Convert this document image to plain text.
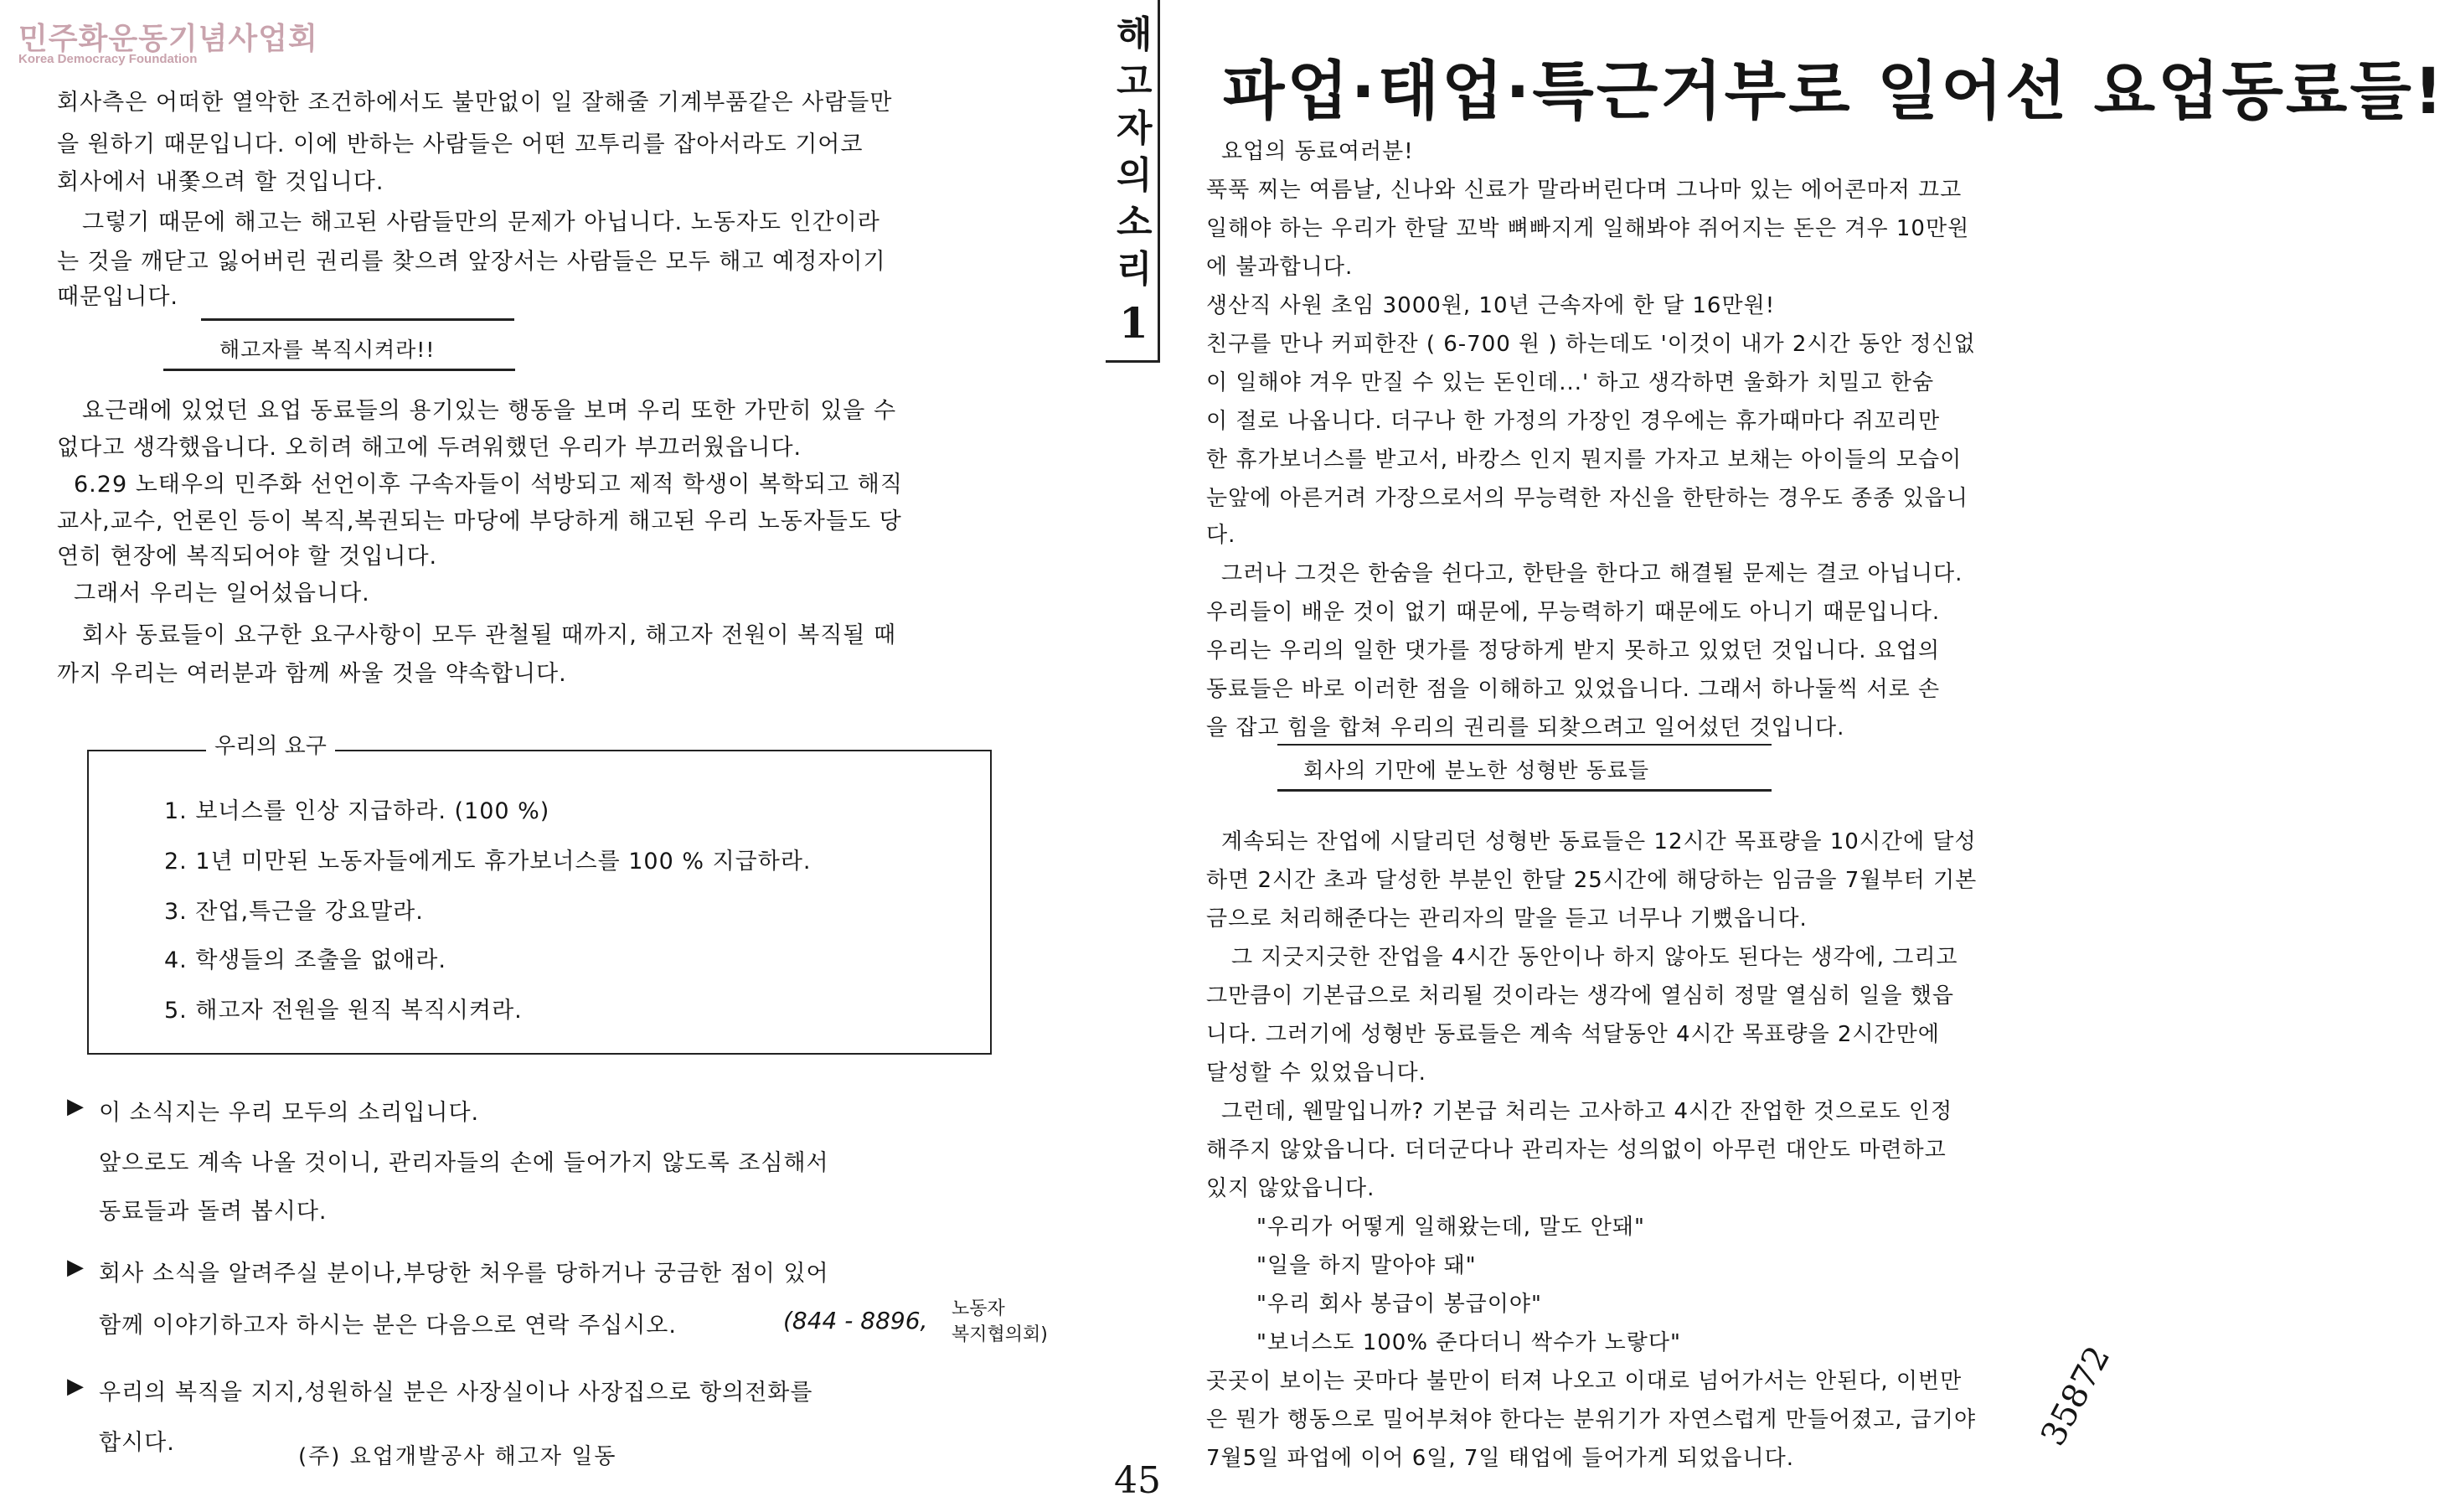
민주화운동기념사업회
Korea Democracy Foundation
회사측은 어떠한 열악한 조건하에서도 불만없이 일 잘해줄 기계부품같은 사람들만
을 원하기 때문입니다. 이에 반하는 사람들은 어떤 꼬투리를 잡아서라도 기어코
회사에서 내쫓으려 할 것입니다.
그렇기 때문에 해고는 해고된 사람들만의 문제가 아닙니다. 노동자도 인간이라
는 것을 깨닫고 잃어버린 권리를 찾으려 앞장서는 사람들은 모두 해고 예정자이기
때문입니다.
해고자를 복직시켜라!!
요근래에 있었던 요업 동료들의 용기있는 행동을 보며 우리 또한 가만히 있을 수
없다고 생각했읍니다. 오히려 해고에 두려워했던 우리가 부끄러웠읍니다.
6.29 노태우의 민주화 선언이후 구속자들이 석방되고 제적 학생이 복학되고 해직
교사,교수, 언론인 등이 복직,복권되는 마당에 부당하게 해고된 우리 노동자들도 당
연히 현장에 복직되어야 할 것입니다.
그래서 우리는 일어섰읍니다.
회사 동료들이 요구한 요구사항이 모두 관철될 때까지, 해고자 전원이 복직될 때
까지 우리는 여러분과 함께 싸울 것을 약속합니다.
우리의 요구
1. 보너스를 인상 지급하라. (100 %)
2. 1년 미만된 노동자들에게도 휴가보너스를 100 % 지급하라.
3. 잔업,특근을 강요말라.
4. 학생들의 조출을 없애라.
5. 해고자 전원을 원직 복직시켜라.
▶ 이 소식지는 우리 모두의 소리입니다.
앞으로도 계속 나올 것이니, 관리자들의 손에 들어가지 않도록 조심해서
동료들과 돌려 봅시다.
▶ 회사 소식을 알려주실 분이나,부당한 처우를 당하거나 궁금한 점이 있어
함께 이야기하고자 하시는 분은 다음으로 연락 주십시오.	(844 - 8896, 노동자
복지협의회)
▶ 우리의 복직을 지지,성원하실 분은 사장실이나 사장집으로 항의전화를
합시다.
(주) 요업개발공사 해고자 일동
해
고
자
의
소
리
1
파업·태업·특근거부로 일어선 요업동료들!
요업의 동료여러분!
푹푹 찌는 여름날, 신나와 신료가 말라버린다며 그나마 있는 에어콘마저 끄고
일해야 하는 우리가 한달 꼬박 뼈빠지게 일해봐야 쥐어지는 돈은 겨우 10만원
에 불과합니다.
생산직 사원 초임 3000원, 10년 근속자에 한 달 16만원!
친구를 만나 커피한잔 ( 6-700 원 ) 하는데도 '이것이 내가 2시간 동안 정신없
이 일해야 겨우 만질 수 있는 돈인데...' 하고 생각하면 울화가 치밀고 한숨
이 절로 나옵니다. 더구나 한 가정의 가장인 경우에는 휴가때마다 쥐꼬리만
한 휴가보너스를 받고서, 바캉스 인지 뭔지를 가자고 보채는 아이들의 모습이
눈앞에 아른거려 가장으로서의 무능력한 자신을 한탄하는 경우도 종종 있읍니
다.
그러나 그것은 한숨을 쉰다고, 한탄을 한다고 해결될 문제는 결코 아닙니다.
우리들이 배운 것이 없기 때문에, 무능력하기 때문에도 아니기 때문입니다.
우리는 우리의 일한 댓가를 정당하게 받지 못하고 있었던 것입니다. 요업의
동료들은 바로 이러한 점을 이해하고 있었읍니다. 그래서 하나둘씩 서로 손
을 잡고 힘을 합쳐 우리의 권리를 되찾으려고 일어섰던 것입니다.
회사의 기만에 분노한 성형반 동료들
계속되는 잔업에 시달리던 성형반 동료들은 12시간 목표량을 10시간에 달성
하면 2시간 초과 달성한 부분인 한달 25시간에 해당하는 임금을 7월부터 기본
금으로 처리해준다는 관리자의 말을 듣고 너무나 기뻤읍니다.
그 지긋지긋한 잔업을 4시간 동안이나 하지 않아도 된다는 생각에, 그리고
그만큼이 기본급으로 처리될 것이라는 생각에 열심히 정말 열심히 일을 했읍
니다. 그러기에 성형반 동료들은 계속 석달동안 4시간 목표량을 2시간만에
달성할 수 있었읍니다.
그런데, 웬말입니까? 기본급 처리는 고사하고 4시간 잔업한 것으로도 인정
해주지 않았읍니다. 더더군다나 관리자는 성의없이 아무런 대안도 마련하고
있지 않았읍니다.
"우리가 어떻게 일해왔는데, 말도 안돼"
"일을 하지 말아야 돼"
"우리 회사 봉급이 봉급이야"
"보너스도 100% 준다더니 싹수가 노랗다"
곳곳이 보이는 곳마다 불만이 터져 나오고 이대로 넘어가서는 안된다, 이번만
은 뭔가 행동으로 밀어부쳐야 한다는 분위기가 자연스럽게 만들어졌고, 급기야
7월5일 파업에 이어 6일, 7일 태업에 들어가게 되었읍니다.
45
35872
